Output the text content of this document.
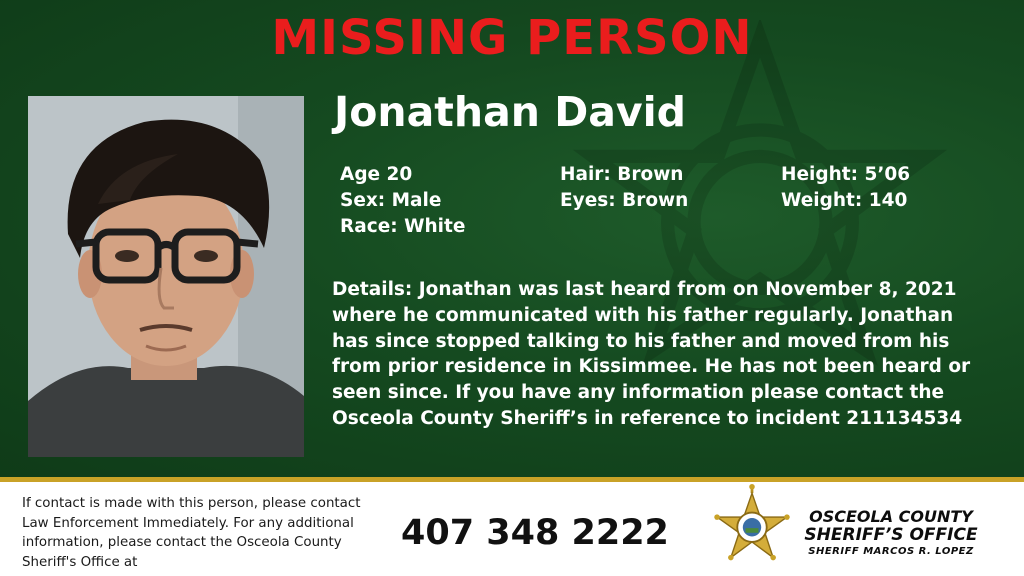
MISSING PERSON
Jonathan David
Age 20
Sex: Male
Race: White
Hair: Brown
Eyes: Brown
Height: 5’06
Weight: 140

Details: Jonathan was last heard from on November 8, 2021 where he communicated with his father regularly. Jonathan has since stopped talking to his father and moved from his from prior residence in Kissimmee. He has not been heard or seen since. If you have any information please contact the Osceola County Sheriff’s in reference to incident 211134534

If contact is made with this person, please contact Law Enforcement Immediately. For any additional information, please contact the Osceola County Sheriff's Office at

407 348 2222	OSCEOLA COUNTY
SHERIFF’S OFFICE
SHERIFF MARCOS R. LOPEZ
